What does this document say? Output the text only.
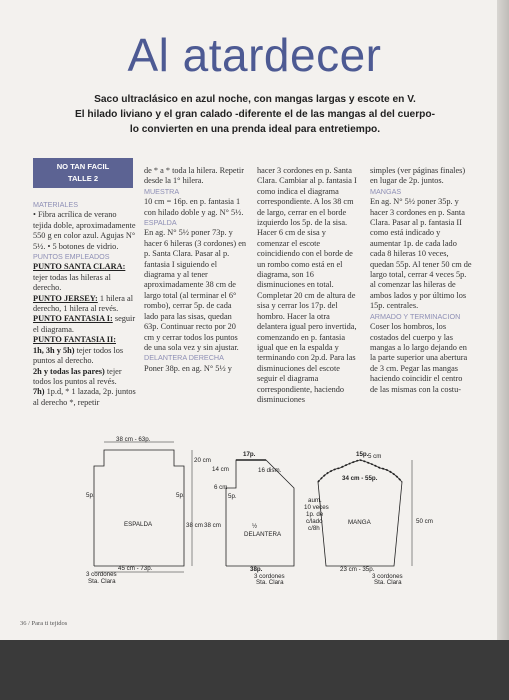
Al atardecer
Saco ultraclásico en azul noche, con mangas largas y escote en V.
El hilado liviano y el gran calado -diferente el de las mangas al del cuerpo-
lo convierten en una prenda ideal para entretiempo.
NO TAN FACIL
TALLE 2

MATERIALES

• Fibra acrílica de verano tejida doble, aproximadamente 550 g en color azul. Agujas N° 5½. • 5 botones de vidrio.

PUNTOS EMPLEADOS

PUNTO SANTA CLARA: tejer todas las hileras al derecho.

PUNTO JERSEY: 1 hilera al derecho, 1 hilera al revés.

PUNTO FANTASIA I: seguir el diagrama.

PUNTO FANTASIA II:

1h, 3h y 5h) tejer todos los puntos al derecho.

2h y todas las pares) tejer todos los puntos al revés.

7h) 1p.d, * 1 lazada, 2p. juntos al derecho *, repetir

de * a * toda la hilera. Repetir desde la 1° hilera.

MUESTRA

10 cm = 16p. en p. fantasia 1 con hilado doble y ag. N° 5½.

ESPALDA

En ag. N° 5½ poner 73p. y hacer 6 hileras (3 cordones) en p. Santa Clara. Pasar al p. fantasia I siguiendo el diagrama y al tener aproximadamente 38 cm de largo total (al terminar el 6° rombo), cerrar 5p. de cada lado para las sisas, quedan 63p. Continuar recto por 20 cm y cerrar todos los puntos de una sola vez y sin ajustar.

DELANTERA DERECHA

Poner 38p. en ag. N° 5½ y

hacer 3 cordones en p. Santa Clara. Cambiar al p. fantasia I como indica el diagrama correspondiente. A los 38 cm de largo, cerrar en el borde izquierdo los 5p. de la sisa. Hacer 6 cm de sisa y comenzar el escote coincidiendo con el borde de un rombo como está en el diagrama, son 16 disminuciones en total. Completar 20 cm de altura de sisa y cerrar los 17p. del hombro. Hacer la otra delantera igual pero invertida, comenzando en p. fantasia igual que en la espalda y terminando con 2p.d. Para las disminuciones del escote seguir el diagrama correspondiente, haciendo disminuciones

simples (ver páginas finales) en lugar de 2p. juntos.

MANGAS

En ag. N° 5½ poner 35p. y hacer 3 cordones en p. Santa Clara. Pasar al p. fantasia II como está indicado y aumentar 1p. de cada lado cada 8 hileras 10 veces, quedan 55p. Al tener 50 cm de largo total, cerrar 4 veces 5p. al comenzar las hileras de ambos lados y por último los 15p. centrales.

ARMADO Y TERMINACION

Coser los hombros, los costados del cuerpo y las mangas a lo largo dejando en la parte superior una abertura de 3 cm. Pegar las mangas haciendo coincidir el centro de las mismas con la costu-

38 cm - 63p.
20 cm
5p.	5p.
ESPALDA	38 cm
45 cm - 73p.
3 cordones
Sta. Clara
17p.
14 cm
6 cm
16 dism.
5p.
38 cm	½
DELANTERA
38p.
3 cordones
Sta. Clara
15p. 5 cm
34 cm - 55p.
aum.
10 veces
1p. de
c/lado
c/8h
MANGA	50 cm
23 cm - 35p.
3 cordones
Sta. Clara
36 / Para ti tejidos
